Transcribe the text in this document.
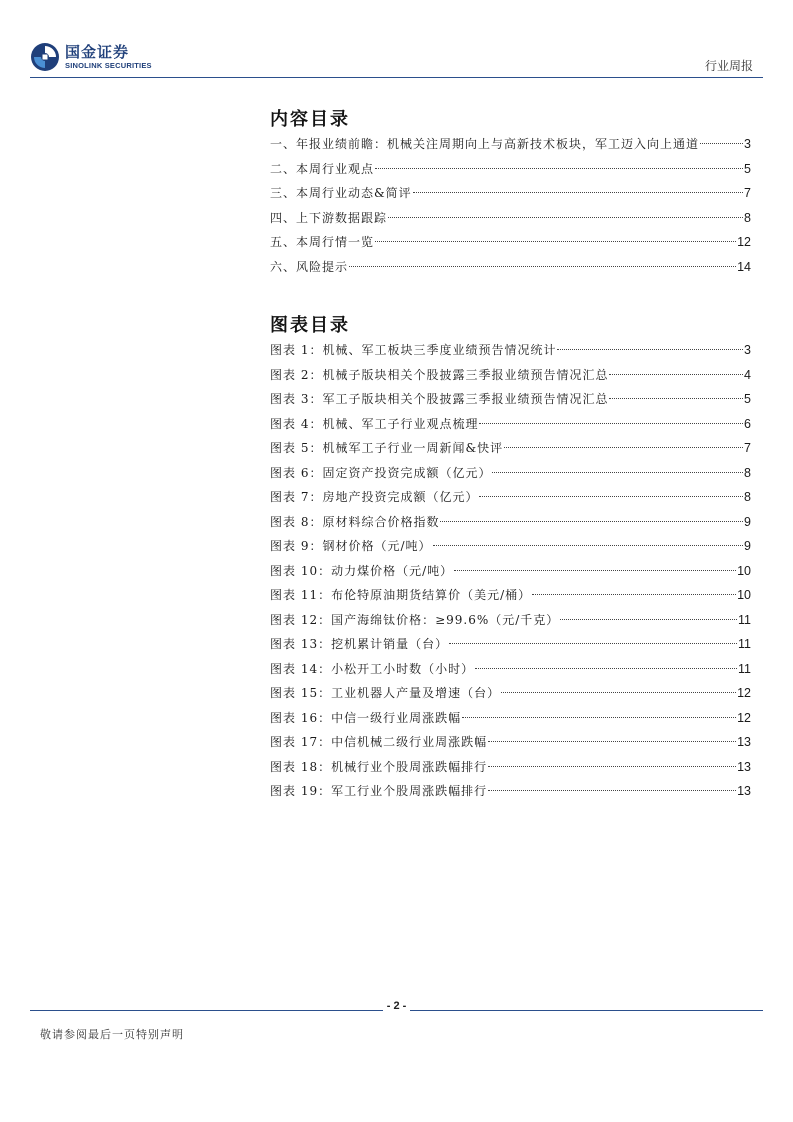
国金证券
SINOLINK SECURITIES	行业周报
内容目录
一、年报业绩前瞻：机械关注周期向上与高新技术板块，军工迈入向上通道	3
二、本周行业观点	5
三、本周行业动态&简评	7
四、上下游数据跟踪	8
五、本周行情一览	12
六、风险提示	14
图表目录
图表 1：机械、军工板块三季度业绩预告情况统计	3
图表 2：机械子版块相关个股披露三季报业绩预告情况汇总	4
图表 3：军工子版块相关个股披露三季报业绩预告情况汇总	5
图表 4：机械、军工子行业观点梳理	6
图表 5：机械军工子行业一周新闻&快评	7
图表 6：固定资产投资完成额（亿元）	8
图表 7：房地产投资完成额（亿元）	8
图表 8：原材料综合价格指数	9
图表 9：钢材价格（元/吨）	9
图表 10：动力煤价格（元/吨）	10
图表 11：布伦特原油期货结算价（美元/桶）	10
图表 12：国产海绵钛价格：≥99.6%（元/千克）	11
图表 13：挖机累计销量（台）	11
图表 14：小松开工小时数（小时）	11
图表 15：工业机器人产量及增速（台）	12
图表 16：中信一级行业周涨跌幅	12
图表 17：中信机械二级行业周涨跌幅	13
图表 18：机械行业个股周涨跌幅排行	13
图表 19：军工行业个股周涨跌幅排行	13
- 2 -
敬请参阅最后一页特别声明
